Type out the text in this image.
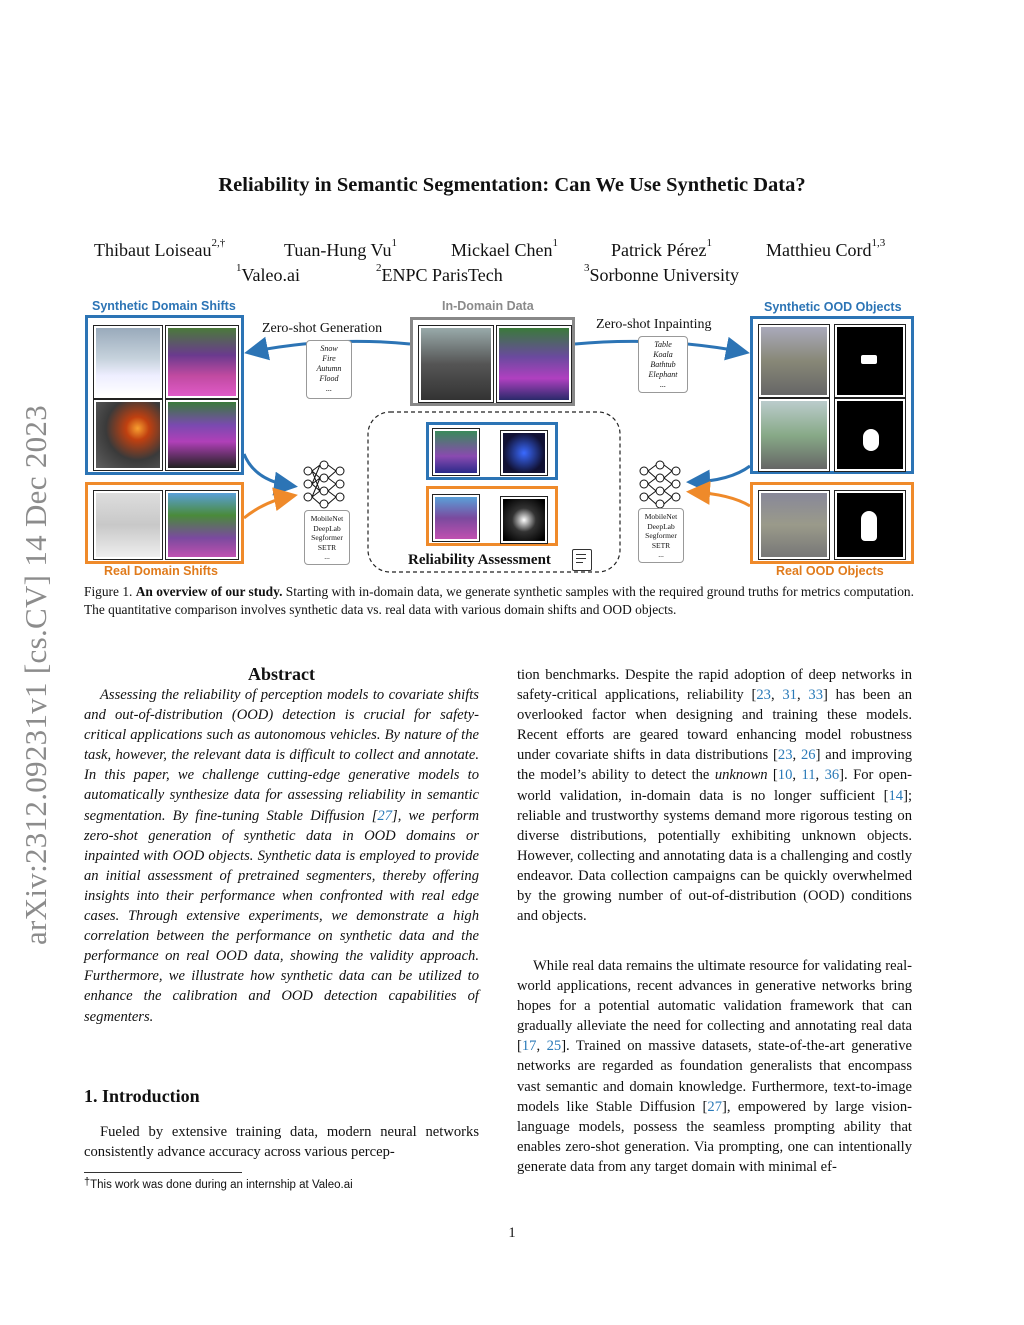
arXiv:2312.09231v1 [cs.CV] 14 Dec 2023
Reliability in Semantic Segmentation: Can We Use Synthetic Data?
Thibaut Loiseau$^{2,\dagger}$	Tuan-Hung Vu$^1$	Mickael Chen$^1$	Patrick Pérez$^1$	Matthieu Cord$^{1,3}$
$^1$Valeo.ai	$^2$ENPC ParisTech	$^3$Sorbonne University
Synthetic Domain Shifts	In-Domain Data	Synthetic OOD Objects
Real Domain Shifts	Real OOD Objects
Zero-shot Generation	Zero-shot Inpainting
Reliability Assessment
Snow
Fire
Autumn
Flood
...
Table
Koala
Bathtub
Elephant
...
MobileNet
DeepLab
Segformer
SETR
...
MobileNet
DeepLab
Segformer
SETR
...
Figure 1. An overview of our study. Starting with in-domain data, we generate synthetic samples with the required ground truths for metrics computation. The quantitative comparison involves synthetic data vs. real data with various domain shifts and OOD objects.
Abstract

Assessing the reliability of perception models to covariate shifts and out-of-distribution (OOD) detection is crucial for safety-critical applications such as autonomous vehicles. By nature of the task, however, the relevant data is difficult to collect and annotate. In this paper, we challenge cutting-edge generative models to automatically synthesize data for assessing reliability in semantic segmentation. By fine-tuning Stable Diffusion [27], we perform zero-shot generation of synthetic data in OOD domains or inpainted with OOD objects. Synthetic data is employed to provide an initial assessment of pretrained segmenters, thereby offering insights into their performance when confronted with real edge cases. Through extensive experiments, we demonstrate a high correlation between the performance on synthetic data and the performance on real OOD data, showing the validity approach. Furthermore, we illustrate how synthetic data can be utilized to enhance the calibration and OOD detection capabilities of segmenters.

1. Introduction

Fueled by extensive training data, modern neural networks consistently advance accuracy across various percep-

tion benchmarks. Despite the rapid adoption of deep networks in safety-critical applications, reliability [23, 31, 33] has been an overlooked factor when designing and training these models. Recent efforts are geared toward enhancing model robustness under covariate shifts in data distributions [23, 26] and improving the model’s ability to detect the unknown [10, 11, 36]. For open-world validation, in-domain data is no longer sufficient [14]; reliable and trustworthy systems demand more rigorous testing on diverse distributions, potentially exhibiting unknown objects. However, collecting and annotating data is a challenging and costly endeavor. Data collection campaigns can be quickly overwhelmed by the growing number of out-of-distribution (OOD) conditions and objects.

While real data remains the ultimate resource for validating real-world applications, recent advances in generative networks bring hopes for a potential automatic validation framework that can gradually alleviate the need for collecting and annotating real data [17, 25]. Trained on massive datasets, state-of-the-art generative networks are regarded as foundation generalists that encompass vast semantic and domain knowledge. Furthermore, text-to-image models like Stable Diffusion [27], empowered by large vision-language models, possess the seamless prompting ability that enables zero-shot generation. Via prompting, one can intentionally generate data from any target domain with minimal ef-

†This work was done during an internship at Valeo.ai
1
